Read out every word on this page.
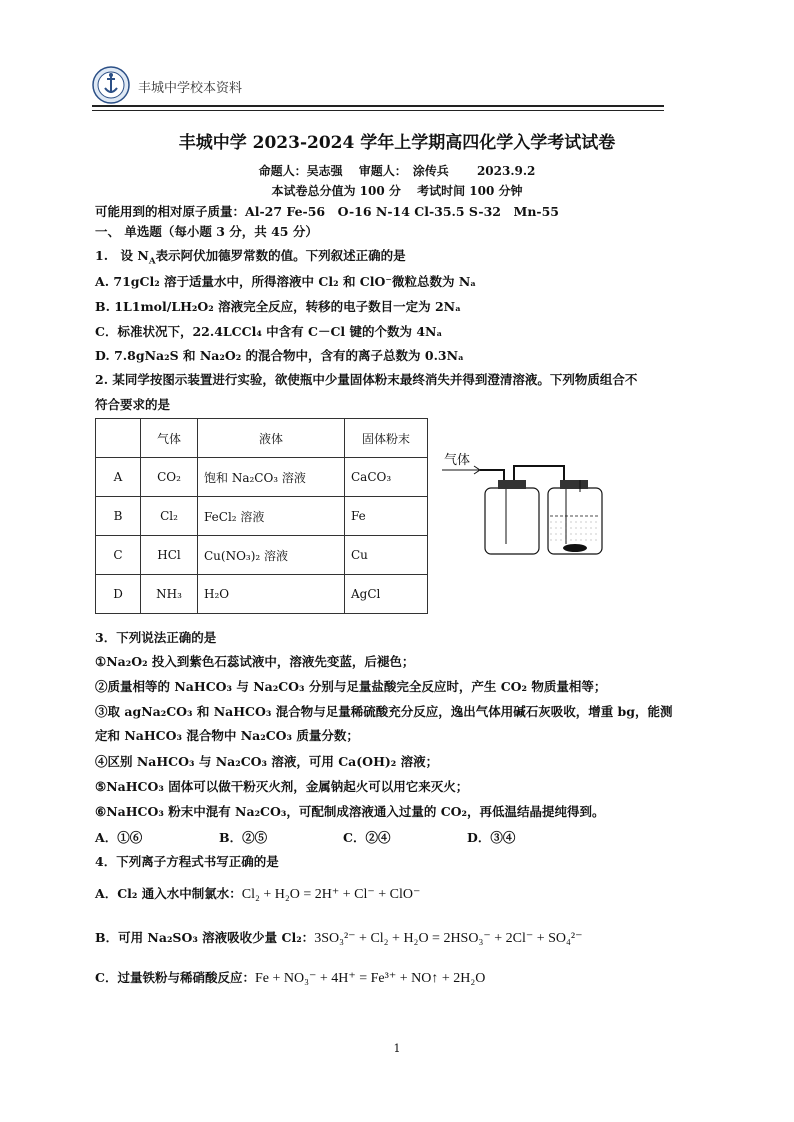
丰城中学校本资料
丰城中学 2023-2024 学年上学期高四化学入学考试试卷
命题人：吴志强　 审题人：　涂传兵　　 2023.9.2
本试卷总分值为 100 分　 考试时间 100 分钟
可能用到的相对原子质量：Al-27 Fe-56　O-16 N-14 Cl-35.5 S-32　Mn-55
一、 单选题（每小题 3 分，共 45 分）
1.　设 $N_A$表示阿伏加德罗常数的值。下列叙述正确的是
A. 71gCl₂ 溶于适量水中，所得溶液中 Cl₂ 和 ClO⁻微粒总数为 Nₐ
B. 1L1mol/LH₂O₂ 溶液完全反应，转移的电子数目一定为 2Nₐ
C．标准状况下，22.4LCCl₄ 中含有 C－Cl 键的个数为 4Nₐ
D. 7.8gNa₂S 和 Na₂O₂ 的混合物中，含有的离子总数为 0.3Nₐ
2. 某同学按图示装置进行实验，欲使瓶中少量固体粉末最终消失并得到澄清溶液。下列物质组合不
符合要求的是
	气体	液体	固体粉末
A	CO₂	饱和 Na₂CO₃ 溶液	CaCO₃
B	Cl₂	FeCl₂ 溶液	Fe
C	HCl	Cu(NO₃)₂ 溶液	Cu
D	NH₃	H₂O	AgCl
气体
3．下列说法正确的是
①Na₂O₂ 投入到紫色石蕊试液中，溶液先变蓝，后褪色；
②质量相等的 NaHCO₃ 与 Na₂CO₃ 分别与足量盐酸完全反应时，产生 CO₂ 物质量相等；
③取 agNa₂CO₃ 和 NaHCO₃ 混合物与足量稀硫酸充分反应，逸出气体用碱石灰吸收，增重 bg，能测
定和 NaHCO₃ 混合物中 Na₂CO₃ 质量分数；
④区别 NaHCO₃ 与 Na₂CO₃ 溶液，可用 Ca(OH)₂ 溶液；
⑤NaHCO₃ 固体可以做干粉灭火剂，金属钠起火可以用它来灭火；
⑥NaHCO₃ 粉末中混有 Na₂CO₃，可配制成溶液通入过量的 CO₂，再低温结晶提纯得到。
A．①⑥	B．②⑤	C．②④	D．③④
4．下列离子方程式书写正确的是
A．Cl₂ 通入水中制氯水：Cl₂ + H₂O = 2H⁺ + Cl⁻ + ClO⁻
B．可用 Na₂SO₃ 溶液吸收少量 Cl₂：3SO₃²⁻ + Cl₂ + H₂O = 2HSO₃⁻ + 2Cl⁻ + SO₄²⁻
C．过量铁粉与稀硝酸反应：Fe + NO₃⁻ + 4H⁺ = Fe³⁺ + NO↑ + 2H₂O
1
